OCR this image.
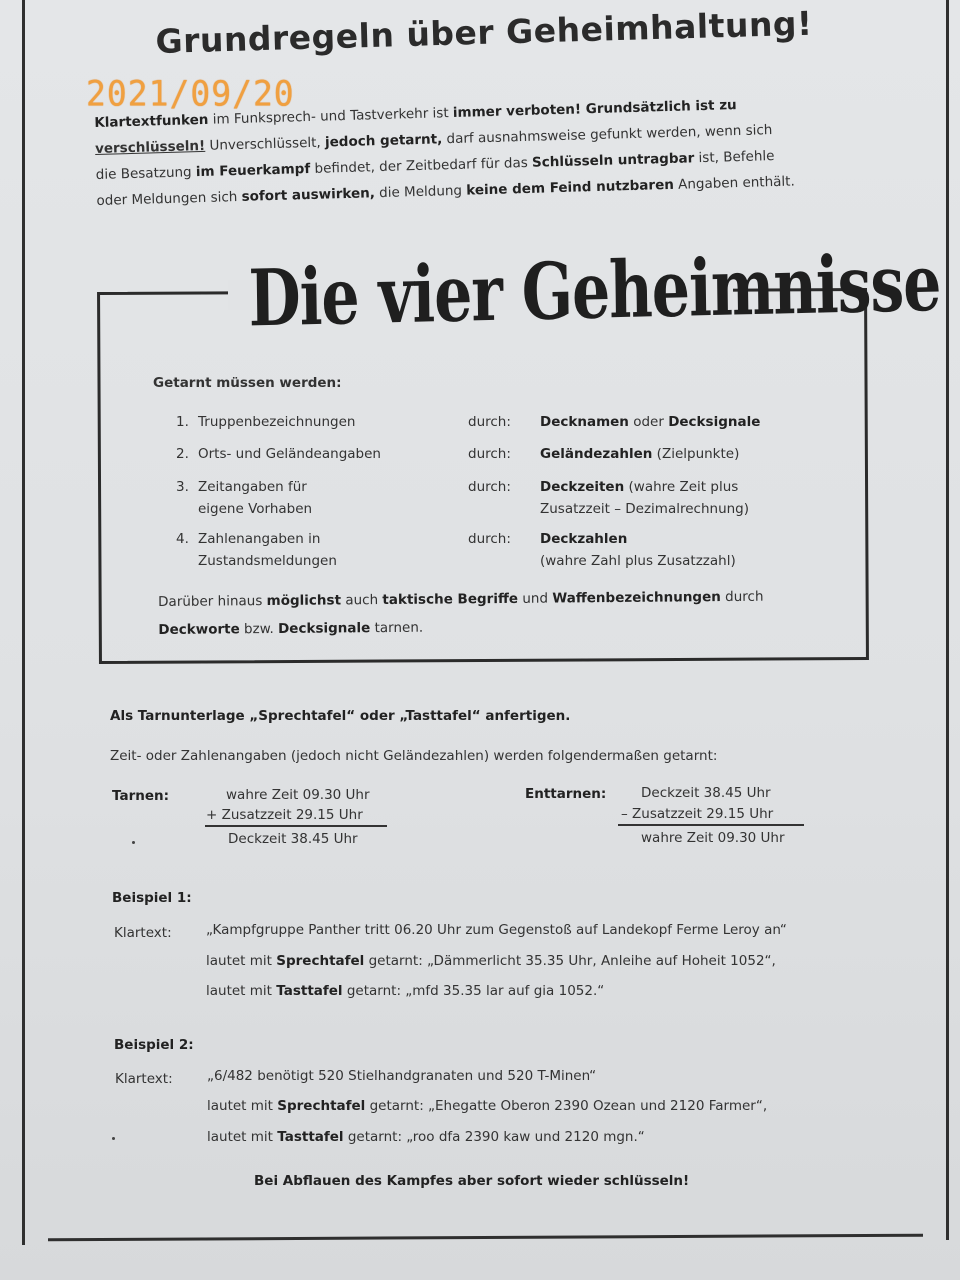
Grundregeln über Geheimhaltung!
2021/09/20
Klartextfunken im Funksprech- und Tastverkehr ist immer verboten! Grundsätzlich ist zu
verschlüsseln! Unverschlüsselt, jedoch getarnt, darf ausnahmsweise gefunkt werden, wenn sich
die Besatzung im Feuerkampf befindet, der Zeitbedarf für das Schlüsseln untragbar ist, Befehle
oder Meldungen sich sofort auswirken, die Meldung keine dem Feind nutzbaren Angaben enthält.
Die vier Geheimnisse
Getarnt müssen werden:
1. Truppenbezeichnungen	durch:	Decknamen oder Decksignale
2. Orts- und Geländeangaben	durch:	Geländezahlen (Zielpunkte)
3. Zeitangaben für
eigene Vorhaben
durch:	Deckzeiten (wahre Zeit plus
Zusatzzeit – Dezimalrechnung)
4. Zahlenangaben in
Zustandsmeldungen
durch:	Deckzahlen
(wahre Zahl plus Zusatzzahl)
Darüber hinaus möglichst auch taktische Begriffe und Waffenbezeichnungen durch
Deckworte bzw. Decksignale tarnen.
Als Tarnunterlage „Sprechtafel“ oder „Tasttafel“ anfertigen.
Zeit- oder Zahlenangaben (jedoch nicht Geländezahlen) werden folgendermaßen getarnt:
Tarnen:	wahre Zeit 09.30 Uhr
+ Zusatzzeit 29.15 Uhr
Deckzeit 38.45 Uhr
Enttarnen:	Deckzeit 38.45 Uhr
– Zusatzzeit 29.15 Uhr
wahre Zeit 09.30 Uhr
Beispiel 1:
Klartext:	„Kampfgruppe Panther tritt 06.20 Uhr zum Gegenstoß auf Landekopf Ferme Leroy an“
lautet mit Sprechtafel getarnt: „Dämmerlicht 35.35 Uhr, Anleihe auf Hoheit 1052“,
lautet mit Tasttafel getarnt: „mfd 35.35 lar auf gia 1052.“
Beispiel 2:
Klartext:	„6/482 benötigt 520 Stielhandgranaten und 520 T-Minen“
lautet mit Sprechtafel getarnt: „Ehegatte Oberon 2390 Ozean und 2120 Farmer“,
lautet mit Tasttafel getarnt: „roo dfa 2390 kaw und 2120 mgn.“
Bei Abflauen des Kampfes aber sofort wieder schlüsseln!
